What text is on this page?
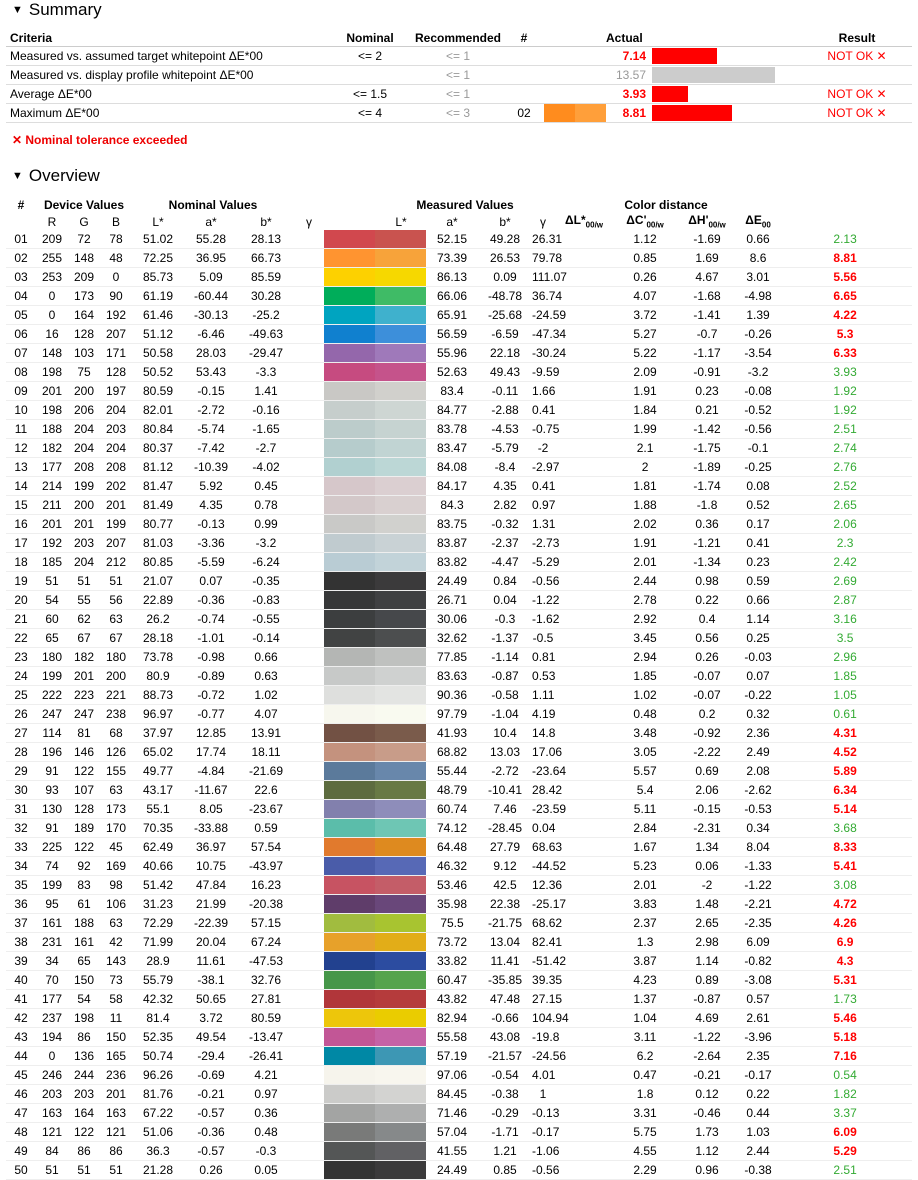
▼ Summary
Criteria	Nominal	Recommended	#		Actual		Result
Measured vs. assumed target whitepoint ΔE*00	<= 2	<= 1			7.14		NOT OK ✕
Measured vs. display profile whitepoint ΔE*00		<= 1			13.57	

Average ΔE*00	<= 1.5	<= 1			3.93		NOT OK ✕
Maximum ΔE*00	<= 4	<= 3	02		8.81		NOT OK ✕
✕ Nominal tolerance exceeded
▼ Overview
#	Device Values			Nominal Values					Measured Values				Color distance					
	R	G	B	L*	a*	b*	γ		L*	a*	b*	γ	$\Delta L*_{00/w}$	$\Delta C'_{00/w}$	$\Delta H'_{00/w}$	$\Delta E_{00}$	
01	209	72	78	51.02	55.28	28.13				52.15	49.28	26.31		1.12	-1.69	0.66	2.13	

02	255	148	48	72.25	36.95	66.73				73.39	26.53	79.78		0.85	1.69	8.6	8.81	

03	253	209	0	85.73	5.09	85.59				86.13	0.09	111.07		0.26	4.67	3.01	5.56	

04	0	173	90	61.19	-60.44	30.28				66.06	-48.78	36.74		4.07	-1.68	-4.98	6.65	

05	0	164	192	61.46	-30.13	-25.2				65.91	-25.68	-24.59		3.72	-1.41	1.39	4.22	

06	16	128	207	51.12	-6.46	-49.63				56.59	-6.59	-47.34		5.27	-0.7	-0.26	5.3	

07	148	103	171	50.58	28.03	-29.47				55.96	22.18	-30.24		5.22	-1.17	-3.54	6.33	

08	198	75	128	50.52	53.43	-3.3				52.63	49.43	-9.59		2.09	-0.91	-3.2	3.93	

09	201	200	197	80.59	-0.15	1.41				83.4	-0.11	1.66		1.91	0.23	-0.08	1.92	

10	198	206	204	82.01	-2.72	-0.16				84.77	-2.88	0.41		1.84	0.21	-0.52	1.92	

11	188	204	203	80.84	-5.74	-1.65				83.78	-4.53	-0.75		1.99	-1.42	-0.56	2.51	

12	182	204	204	80.37	-7.42	-2.7				83.47	-5.79	-2		2.1	-1.75	-0.1	2.74	

13	177	208	208	81.12	-10.39	-4.02				84.08	-8.4	-2.97		2	-1.89	-0.25	2.76	

14	214	199	202	81.47	5.92	0.45				84.17	4.35	0.41		1.81	-1.74	0.08	2.52	

15	211	200	201	81.49	4.35	0.78				84.3	2.82	0.97		1.88	-1.8	0.52	2.65	

16	201	201	199	80.77	-0.13	0.99				83.75	-0.32	1.31		2.02	0.36	0.17	2.06	

17	192	203	207	81.03	-3.36	-3.2				83.87	-2.37	-2.73		1.91	-1.21	0.41	2.3	

18	185	204	212	80.85	-5.59	-6.24				83.82	-4.47	-5.29		2.01	-1.34	0.23	2.42	

19	51	51	51	21.07	0.07	-0.35				24.49	0.84	-0.56		2.44	0.98	0.59	2.69	

20	54	55	56	22.89	-0.36	-0.83				26.71	0.04	-1.22		2.78	0.22	0.66	2.87	

21	60	62	63	26.2	-0.74	-0.55				30.06	-0.3	-1.62		2.92	0.4	1.14	3.16	

22	65	67	67	28.18	-1.01	-0.14				32.62	-1.37	-0.5		3.45	0.56	0.25	3.5	

23	180	182	180	73.78	-0.98	0.66				77.85	-1.14	0.81		2.94	0.26	-0.03	2.96	

24	199	201	200	80.9	-0.89	0.63				83.63	-0.87	0.53		1.85	-0.07	0.07	1.85	

25	222	223	221	88.73	-0.72	1.02				90.36	-0.58	1.11		1.02	-0.07	-0.22	1.05	

26	247	247	238	96.97	-0.77	4.07				97.79	-1.04	4.19		0.48	0.2	0.32	0.61	

27	114	81	68	37.97	12.85	13.91				41.93	10.4	14.8		3.48	-0.92	2.36	4.31	

28	196	146	126	65.02	17.74	18.11				68.82	13.03	17.06		3.05	-2.22	2.49	4.52	

29	91	122	155	49.77	-4.84	-21.69				55.44	-2.72	-23.64		5.57	0.69	2.08	5.89	

30	93	107	63	43.17	-11.67	22.6				48.79	-10.41	28.42		5.4	2.06	-2.62	6.34	

31	130	128	173	55.1	8.05	-23.67				60.74	7.46	-23.59		5.11	-0.15	-0.53	5.14	

32	91	189	170	70.35	-33.88	0.59				74.12	-28.45	0.04		2.84	-2.31	0.34	3.68	

33	225	122	45	62.49	36.97	57.54				64.48	27.79	68.63		1.67	1.34	8.04	8.33	

34	74	92	169	40.66	10.75	-43.97				46.32	9.12	-44.52		5.23	0.06	-1.33	5.41	

35	199	83	98	51.42	47.84	16.23				53.46	42.5	12.36		2.01	-2	-1.22	3.08	

36	95	61	106	31.23	21.99	-20.38				35.98	22.38	-25.17		3.83	1.48	-2.21	4.72	

37	161	188	63	72.29	-22.39	57.15				75.5	-21.75	68.62		2.37	2.65	-2.35	4.26	

38	231	161	42	71.99	20.04	67.24				73.72	13.04	82.41		1.3	2.98	6.09	6.9	

39	34	65	143	28.9	11.61	-47.53				33.82	11.41	-51.42		3.87	1.14	-0.82	4.3	

40	70	150	73	55.79	-38.1	32.76				60.47	-35.85	39.35		4.23	0.89	-3.08	5.31	

41	177	54	58	42.32	50.65	27.81				43.82	47.48	27.15		1.37	-0.87	0.57	1.73	

42	237	198	11	81.4	3.72	80.59				82.94	-0.66	104.94		1.04	4.69	2.61	5.46	

43	194	86	150	52.35	49.54	-13.47				55.58	43.08	-19.8		3.11	-1.22	-3.96	5.18	

44	0	136	165	50.74	-29.4	-26.41				57.19	-21.57	-24.56		6.2	-2.64	2.35	7.16	

45	246	244	236	96.26	-0.69	4.21				97.06	-0.54	4.01		0.47	-0.21	-0.17	0.54	

46	203	203	201	81.76	-0.21	0.97				84.45	-0.38	1		1.8	0.12	0.22	1.82	

47	163	164	163	67.22	-0.57	0.36				71.46	-0.29	-0.13		3.31	-0.46	0.44	3.37	

48	121	122	121	51.06	-0.36	0.48				57.04	-1.71	-0.17		5.75	1.73	1.03	6.09	

49	84	86	86	36.3	-0.57	-0.3				41.55	1.21	-1.06		4.55	1.12	2.44	5.29	

50	51	51	51	21.28	0.26	0.05				24.49	0.85	-0.56		2.29	0.96	-0.38	2.51	
